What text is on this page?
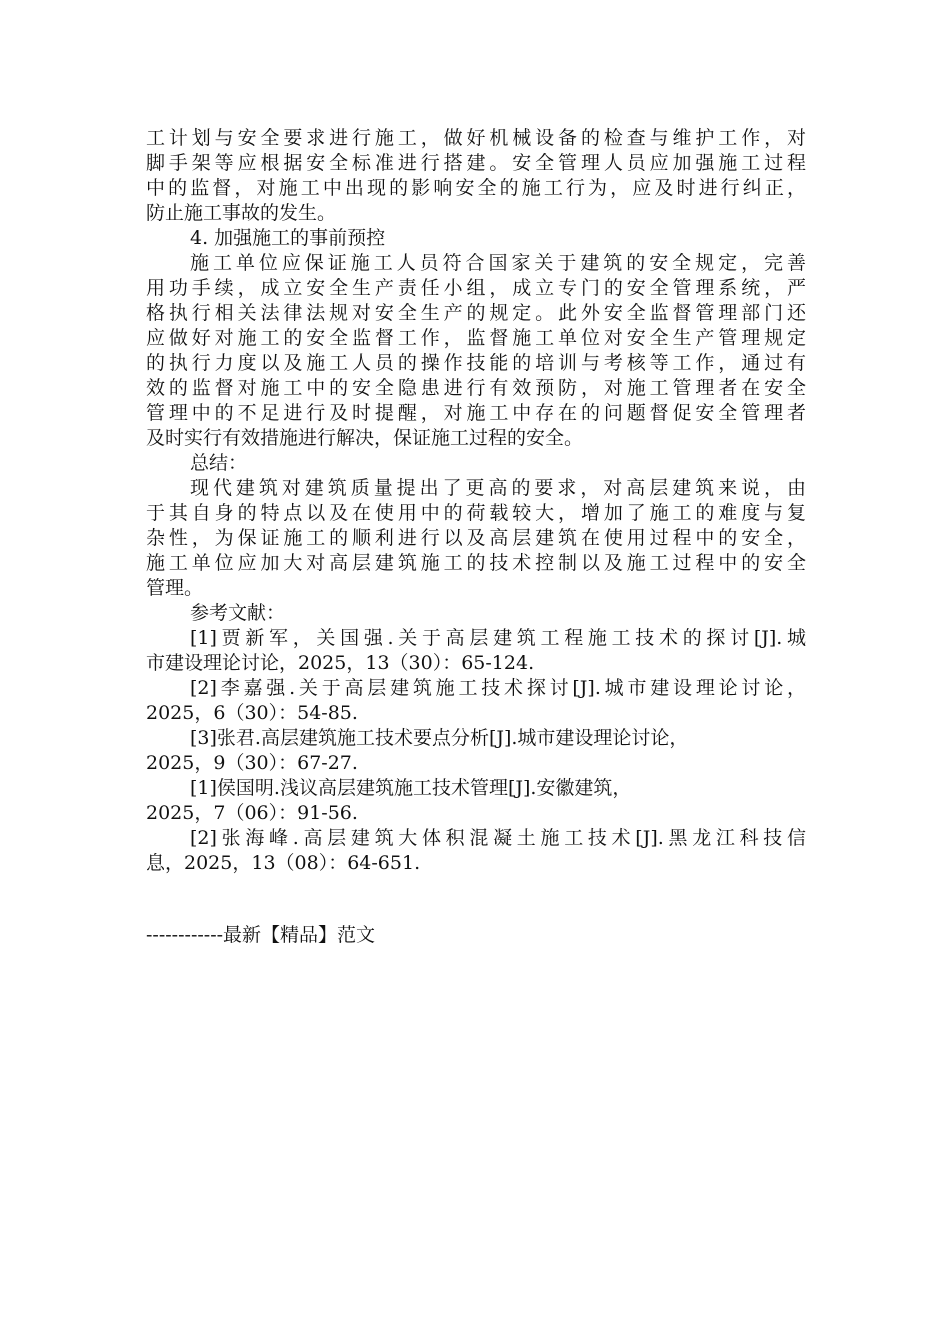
工计划与安全要求进行施工，做好机械设备的检查与维护工作，对
脚手架等应根据安全标准进行搭建。安全管理人员应加强施工过程
中的监督，对施工中出现的影响安全的施工行为，应及时进行纠正，
防止施工事故的发生。
4. 加强施工的事前预控
施工单位应保证施工人员符合国家关于建筑的安全规定，完善
用功手续，成立安全生产责任小组，成立专门的安全管理系统，严
格执行相关法律法规对安全生产的规定。此外安全监督管理部门还
应做好对施工的安全监督工作，监督施工单位对安全生产管理规定
的执行力度以及施工人员的操作技能的培训与考核等工作，通过有
效的监督对施工中的安全隐患进行有效预防，对施工管理者在安全
管理中的不足进行及时提醒，对施工中存在的问题督促安全管理者
及时实行有效措施进行解决，保证施工过程的安全。
总结：
现代建筑对建筑质量提出了更高的要求，对高层建筑来说，由
于其自身的特点以及在使用中的荷载较大，增加了施工的难度与复
杂性，为保证施工的顺利进行以及高层建筑在使用过程中的安全，
施工单位应加大对高层建筑施工的技术控制以及施工过程中的安全
管理。
参考文献：
[1]贾新军，关国强.关于高层建筑工程施工技术的探讨[J].城
市建设理论讨论，2025，13（30）：65-124.
[2]李嘉强.关于高层建筑施工技术探讨[J].城市建设理论讨论，
2025，6（30）：54-85.
[3]张君.高层建筑施工技术要点分析[J].城市建设理论讨论，
2025，9（30）：67-27.
[1]侯国明.浅议高层建筑施工技术管理[J].安徽建筑，
2025，7（06）：91-56.
[2]张海峰.高层建筑大体积混凝土施工技术[J].黑龙江科技信
息，2025，13（08）：64-651.
------------最新【精品】范文
